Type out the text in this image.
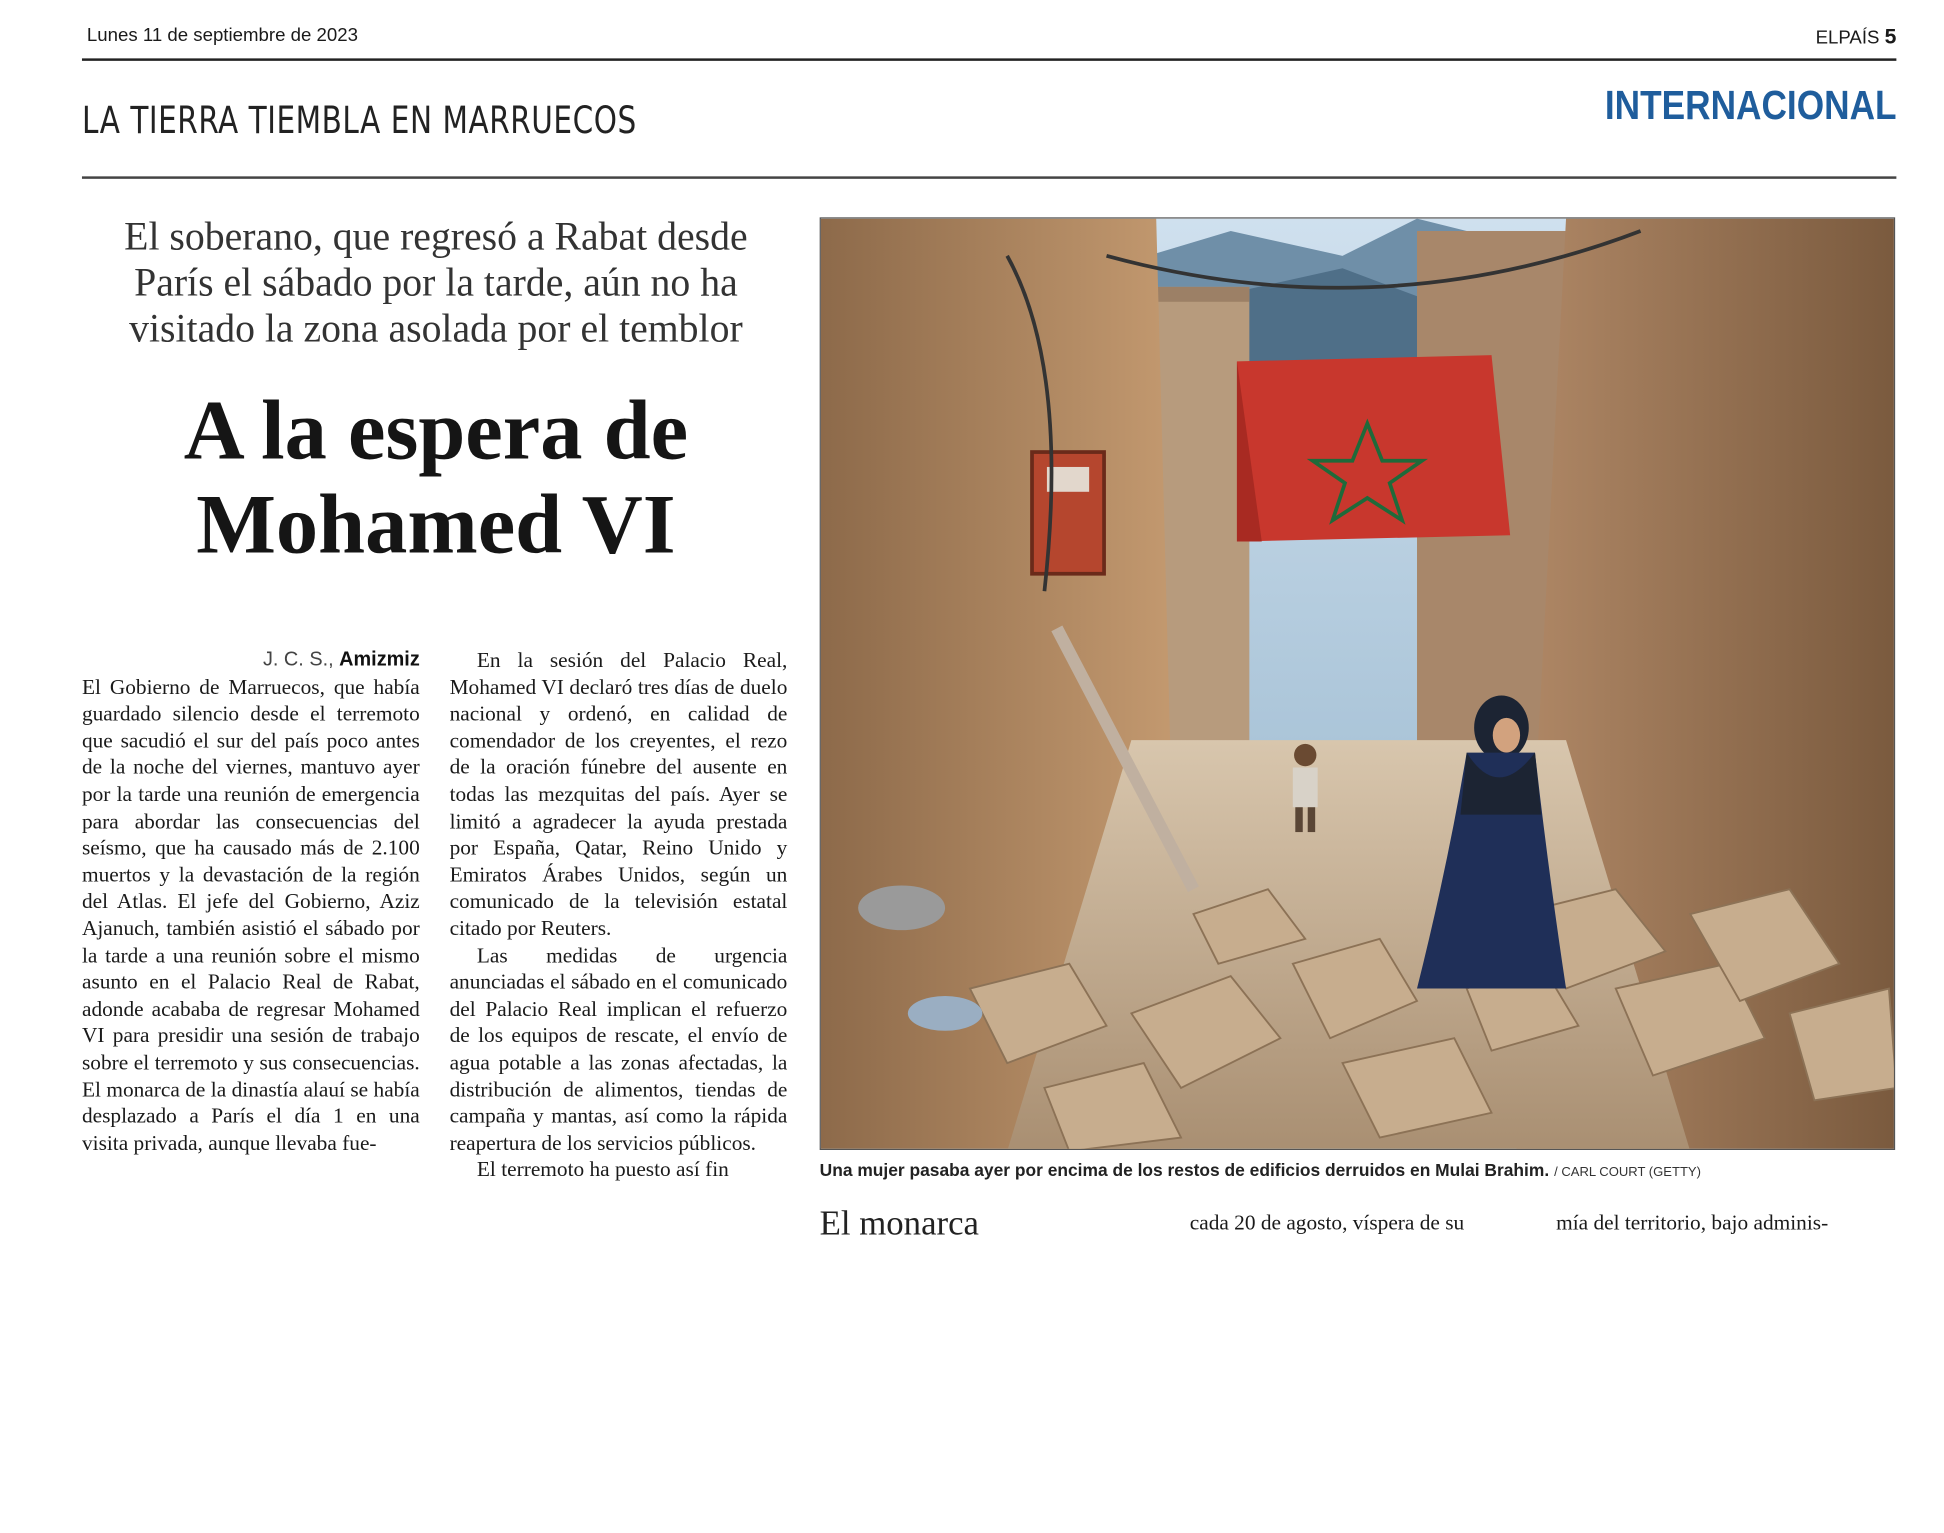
Lunes 11 de septiembre de 2023	ELPAÍS 5
LA TIERRA TIEMBLA EN MARRUECOS	INTERNACIONAL
El soberano, que regresó a Rabat desde París el sábado por la tarde, aún no ha visitado la zona asolada por el temblor
A la espera de Mohamed VI
J. C. S., Amizmiz

El Gobierno de Marruecos, que había guardado silencio desde el terremoto que sacudió el sur del país poco antes de la noche del viernes, mantuvo ayer por la tarde una reunión de emergencia para abordar las consecuencias del seísmo, que ha causado más de 2.100 muertos y la devastación de la región del Atlas. El jefe del Gobierno, Aziz Ajanuch, también asistió el sábado por la tarde a una reunión sobre el mismo asunto en el Palacio Real de Rabat, adonde acababa de regresar Mohamed VI para presidir una sesión de trabajo sobre el terremoto y sus consecuencias. El monarca de la dinastía alauí se había desplazado a París el día 1 en una visita privada, aunque llevaba fue-

En la sesión del Palacio Real, Mohamed VI declaró tres días de duelo nacional y ordenó, en calidad de comendador de los creyentes, el rezo de la oración fúnebre del ausente en todas las mezquitas del país. Ayer se limitó a agradecer la ayuda prestada por España, Qatar, Reino Unido y Emiratos Árabes Unidos, según un comunicado de la televisión estatal citado por Reuters.

Las medidas de urgencia anunciadas el sábado en el comunicado del Palacio Real implican el refuerzo de los equipos de rescate, el envío de agua potable a las zonas afectadas, la distribución de alimentos, tiendas de campaña y mantas, así como la rápida reapertura de los servicios públicos.

El terremoto ha puesto así fin	Una mujer pasaba ayer por encima de los restos de edificios derruidos en Mulai Brahim. / CARL COURT (GETTY)
El monarca	cada 20 de agosto, víspera de su	mía del territorio, bajo adminis-
